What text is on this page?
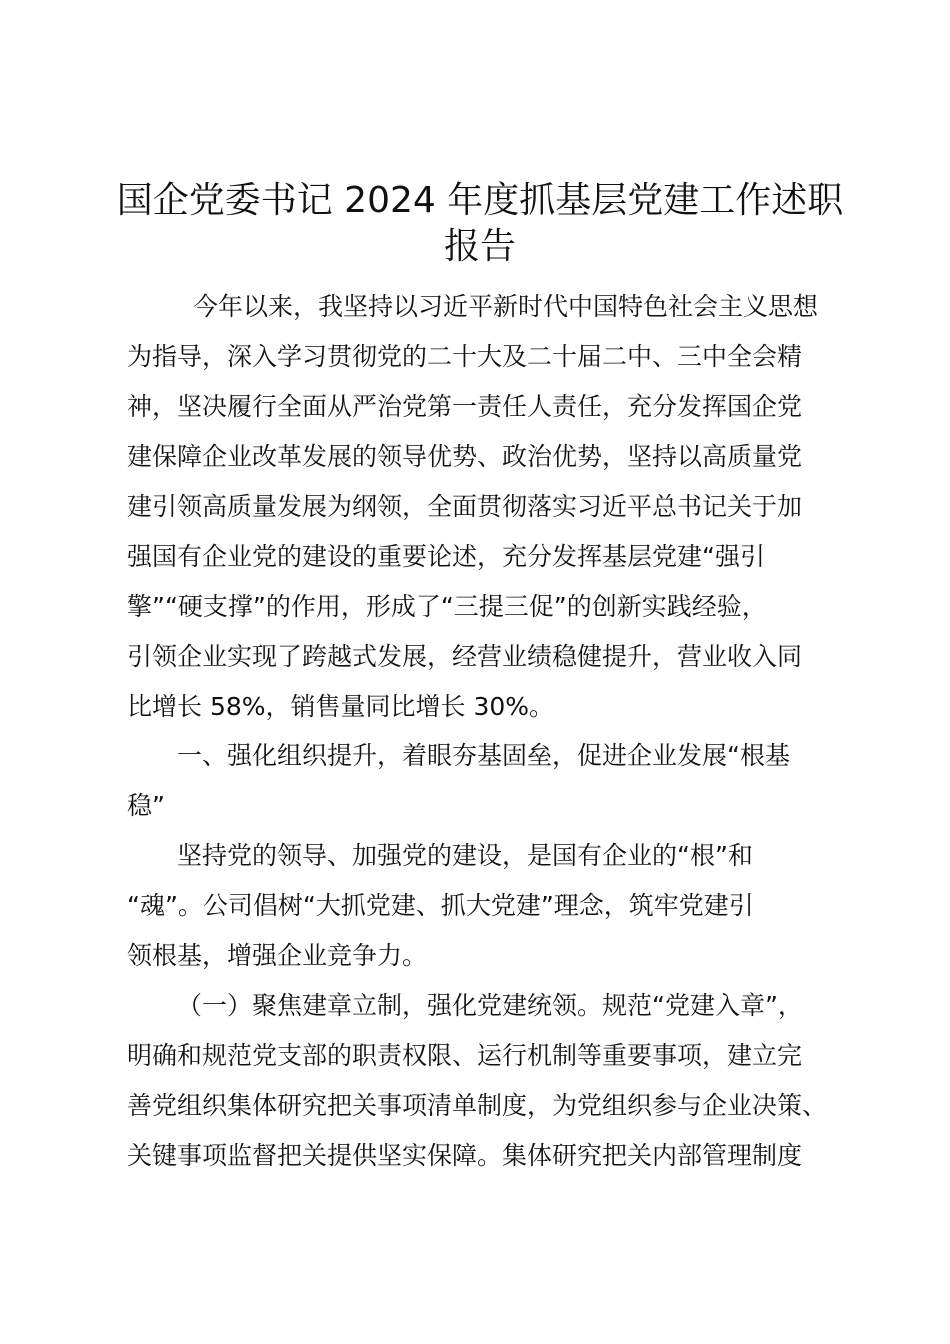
国企党委书记 2024 年度抓基层党建工作述职
报告

今年以来，我坚持以习近平新时代中国特色社会主义思想
为指导，深入学习贯彻党的二十大及二十届二中、三中全会精
神，坚决履行全面从严治党第一责任人责任，充分发挥国企党
建保障企业改革发展的领导优势、政治优势，坚持以高质量党
建引领高质量发展为纲领，全面贯彻落实习近平总书记关于加
强国有企业党的建设的重要论述，充分发挥基层党建“强引
擎”“硬支撑”的作用，形成了“三提三促”的创新实践经验，
引领企业实现了跨越式发展，经营业绩稳健提升，营业收入同
比增长 58%，销售量同比增长 30%。

一、强化组织提升，着眼夯基固垒，促进企业发展“根基
稳”

坚持党的领导、加强党的建设，是国有企业的“根”和
“魂”。公司倡树“大抓党建、抓大党建”理念，筑牢党建引
领根基，增强企业竞争力。

（一）聚焦建章立制，强化党建统领。规范“党建入章”，
明确和规范党支部的职责权限、运行机制等重要事项，建立完
善党组织集体研究把关事项清单制度，为党组织参与企业决策、
关键事项监督把关提供坚实保障。集体研究把关内部管理制度
